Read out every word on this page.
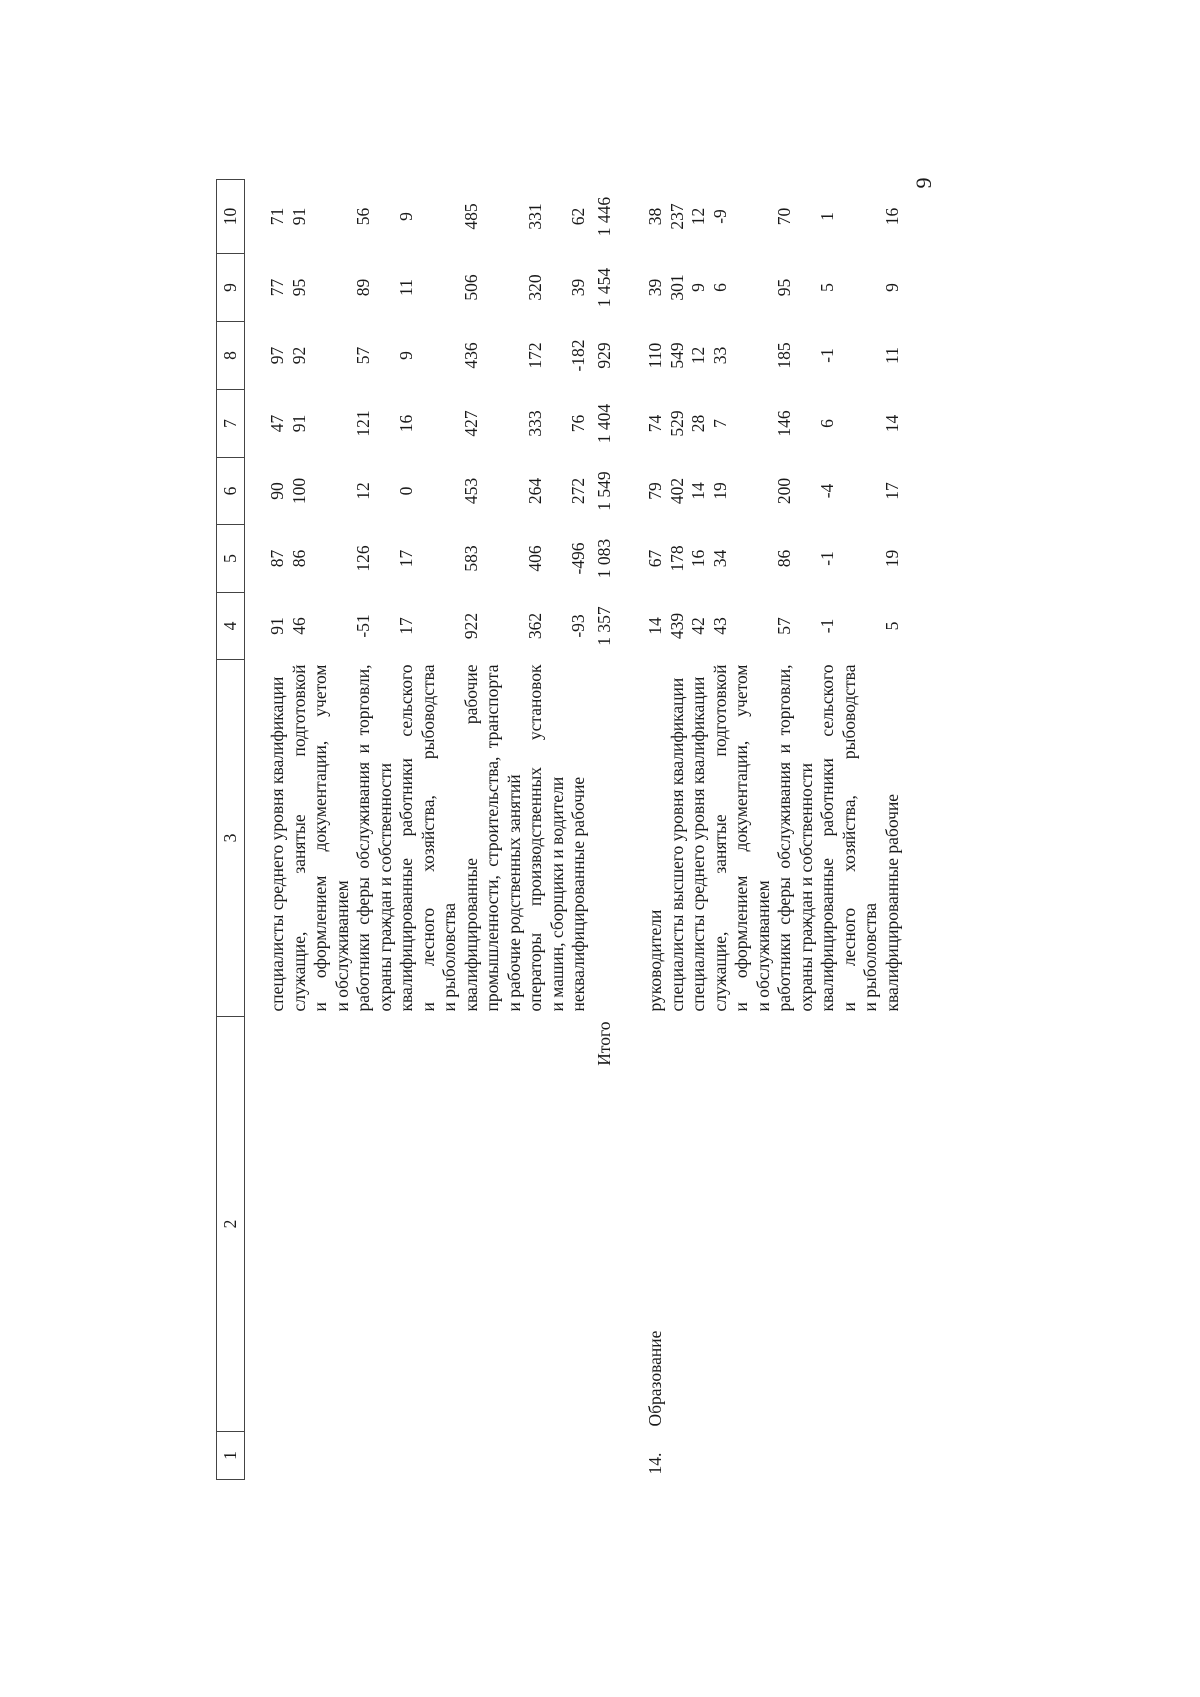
9
1	2	3	4	5	6	7	8	9	10

		специалисты среднего уровня квалификации	91	87	90	47	97	77	71

		служащие, занятые подготовкой и оформлением документации, учетом и обслуживанием	46	86	100	91	92	95	91

		работники сферы обслуживания и торговли, охраны граждан и собственности	-51	126	12	121	57	89	56

		квалифицированные работники сельского и лесного хозяйства, рыбоводства и рыболовства	17	17	0	16	9	11	9

		квалифицированные рабочие промышленности, строительства, транспорта и рабочие родственных занятий	922	583	453	427	436	506	485

		операторы производственных установок и машин, сборщики и водители	362	406	264	333	172	320	331

		неквалифицированные рабочие	-93	-496	272	76	-182	39	62

	Итого		1 357	1 083	1 549	1 404	929	1 454	1 446

14.	Образование	руководители	14	67	79	74	110	39	38

		специалисты высшего уровня квалификации	439	178	402	529	549	301	237

		специалисты среднего уровня квалификации	42	16	14	28	12	9	12

		служащие, занятые подготовкой и оформлением документации, учетом и обслуживанием	43	34	19	7	33	6	-9

		работники сферы обслуживания и торговли, охраны граждан и собственности	57	86	200	146	185	95	70

		квалифицированные работники сельского и лесного хозяйства, рыбоводства и рыболовства	-1	-1	-4	6	-1	5	1

		квалифицированные рабочие	5	19	17	14	11	9	16
